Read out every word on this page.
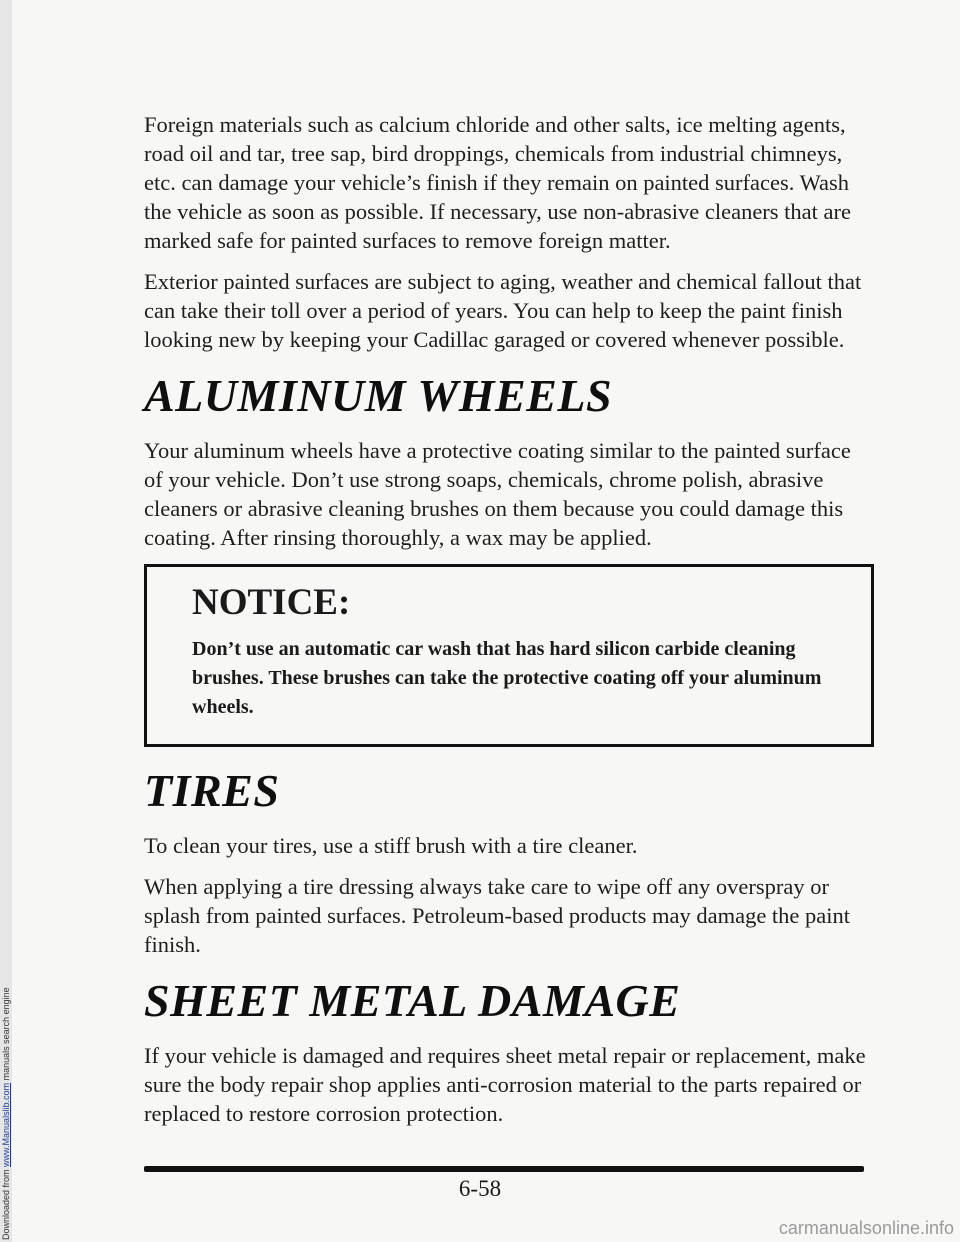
Downloaded from www.Manualslib.com manuals search engine

Foreign materials such as calcium chloride and other salts, ice melting agents, road oil and tar, tree sap, bird droppings, chemicals from industrial chimneys, etc. can damage your vehicle’s finish if they remain on painted surfaces. Wash the vehicle as soon as possible. If necessary, use non-abrasive cleaners that are marked safe for painted surfaces to remove foreign matter.

Exterior painted surfaces are subject to aging, weather and chemical fallout that can take their toll over a period of years. You can help to keep the paint finish looking new by keeping your Cadillac garaged or covered whenever possible.

ALUMINUM WHEELS

Your aluminum wheels have a protective coating similar to the painted surface of your vehicle. Don’t use strong soaps, chemicals, chrome polish, abrasive cleaners or abrasive cleaning brushes on them because you could damage this coating. After rinsing thoroughly, a wax may be applied.

NOTICE:

Don’t use an automatic car wash that has hard silicon carbide cleaning brushes. These brushes can take the protective coating off your aluminum wheels.

TIRES

To clean your tires, use a stiff brush with a tire cleaner.

When applying a tire dressing always take care to wipe off any overspray or splash from painted surfaces. Petroleum-based products may damage the paint finish.

SHEET METAL DAMAGE

If your vehicle is damaged and requires sheet metal repair or replacement, make sure the body repair shop applies anti-corrosion material to the parts repaired or replaced to restore corrosion protection.

6-58
carmanualsonline.info
